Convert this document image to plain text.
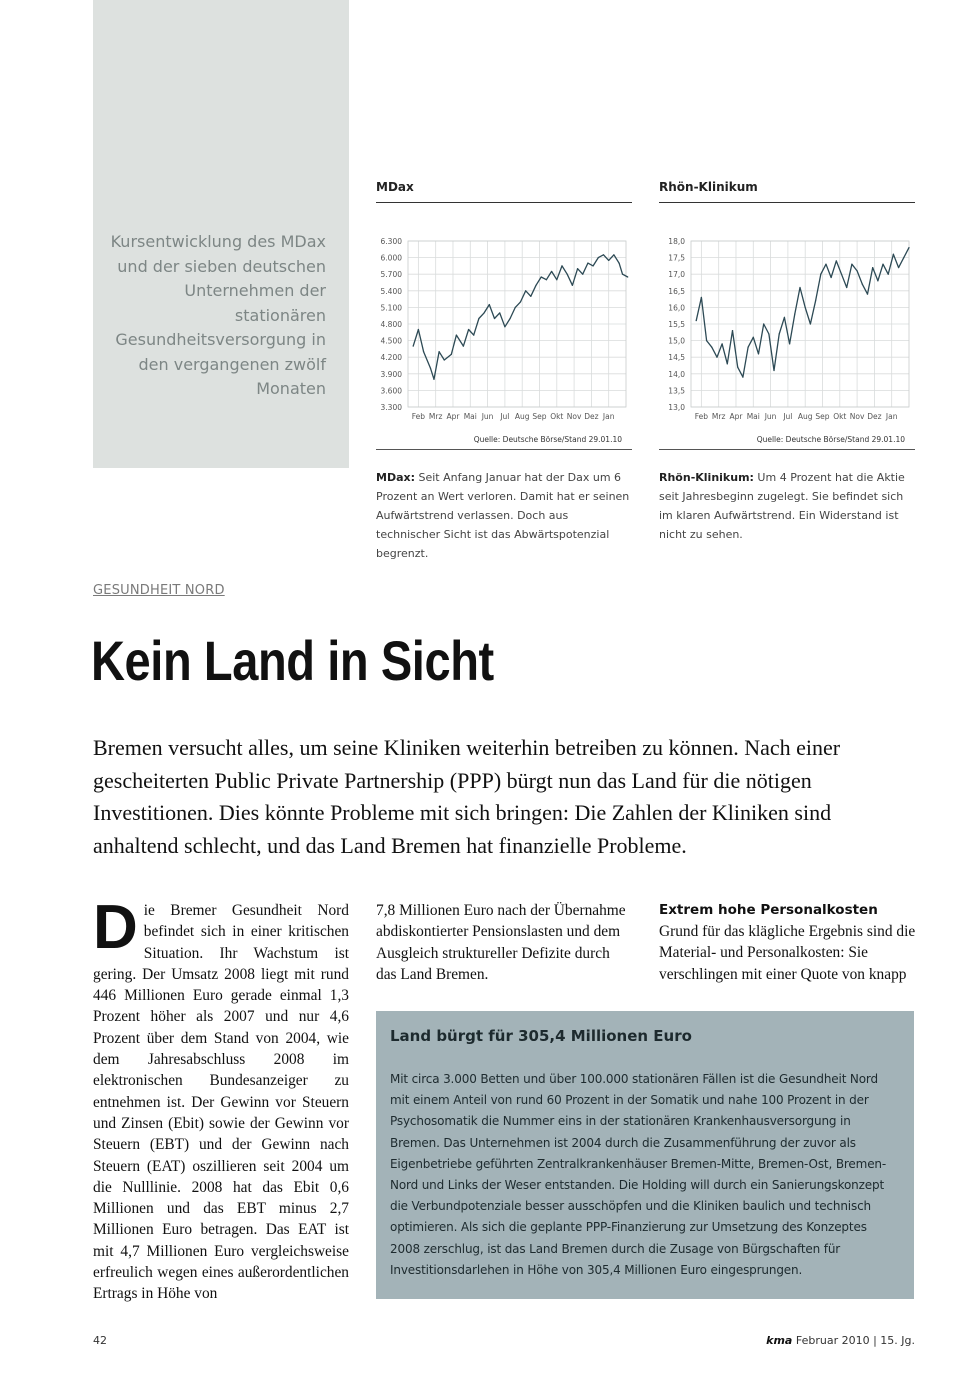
Kursentwicklung des MDax und der sieben deutschen Unternehmen der stationären Gesundheitsversorgung in den vergangenen zwölf Monaten
MDax
6.300
6.000
5.700
5.400
5.100
4.800
4.500
4.200
3.900
3.600
3.300
Feb Mrz Apr Mai Jun Jul Aug Sep Okt Nov Dez Jan
Quelle: Deutsche Börse/Stand 29.01.10
MDax: Seit Anfang Januar hat der Dax um 6 Prozent an Wert verloren. Damit hat er seinen Aufwärtstrend verlassen. Doch aus technischer Sicht ist das Abwärtspotenzial begrenzt.
Rhön-Klinikum
18,0
17,5
17,0
16,5
16,0
15,5
15,0
14,5
14,0
13,5
13,0
Feb Mrz Apr Mai Jun Jul Aug Sep Okt Nov Dez Jan
Quelle: Deutsche Börse/Stand 29.01.10
Rhön-Klinikum: Um 4 Prozent hat die Aktie seit Jahresbeginn zugelegt. Sie befindet sich im klaren Aufwärtstrend. Ein Widerstand ist nicht zu sehen.
GESUNDHEIT NORD
Kein Land in Sicht

Bremen versucht alles, um seine Kliniken weiterhin betreiben zu können. Nach einer gescheiterten Public Private Partnership (PPP) bürgt nun das Land für die nötigen Investitionen. Dies könnte Probleme mit sich bringen: Die Zahlen der Kliniken sind anhaltend schlecht, und das Land Bremen hat finanzielle Probleme.

Die Bremer Gesundheit Nord befindet sich in einer kritischen Situation. Ihr Wachstum ist gering. Der Umsatz 2008 liegt mit rund 446 Millionen Euro gerade einmal 1,3 Prozent höher als 2007 und nur 4,6 Prozent über dem Stand von 2004, wie dem Jahresabschluss 2008 im elektronischen Bundesanzeiger zu entnehmen ist. Der Gewinn vor Steuern und Zinsen (Ebit) sowie der Gewinn vor Steuern (EBT) und der Gewinn nach Steuern (EAT) oszillieren seit 2004 um die Nulllinie. 2008 hat das Ebit 0,6 Millionen und das EBT minus 2,7 Millionen Euro betragen. Das EAT ist mit 4,7 Millionen Euro vergleichsweise erfreulich wegen eines außerordentlichen Ertrags in Höhe von
7,8 Millionen Euro nach der Übernahme abdiskontierter Pensionslasten und dem Ausgleich struktureller Defizite durch das Land Bremen.
Extrem hohe Personalkosten
Grund für das klägliche Ergebnis sind die Material- und Personalkosten: Sie verschlingen mit einer Quote von knapp
Land bürgt für 305,4 Millionen Euro
Mit circa 3.000 Betten und über 100.000 stationären Fällen ist die Gesundheit Nord mit einem Anteil von rund 60 Prozent in der Somatik und nahe 100 Prozent in der Psychosomatik die Nummer eins in der stationären Krankenhausversorgung in Bremen. Das Unternehmen ist 2004 durch die Zusammenführung der zuvor als Eigenbetriebe geführten Zentralkrankenhäuser Bremen-Mitte, Bremen-Ost, Bremen-Nord und Links der Weser entstanden. Die Holding will durch ein Sanierungskonzept die Verbundpotenziale besser ausschöpfen und die Kliniken baulich und technisch optimieren. Als sich die geplante PPP-Finanzierung zur Umsetzung des Konzeptes 2008 zerschlug, ist das Land Bremen durch die Zusage von Bürgschaften für Investitionsdarlehen in Höhe von 305,4 Millionen Euro eingesprungen.
42	kma Februar 2010 | 15. Jg.
